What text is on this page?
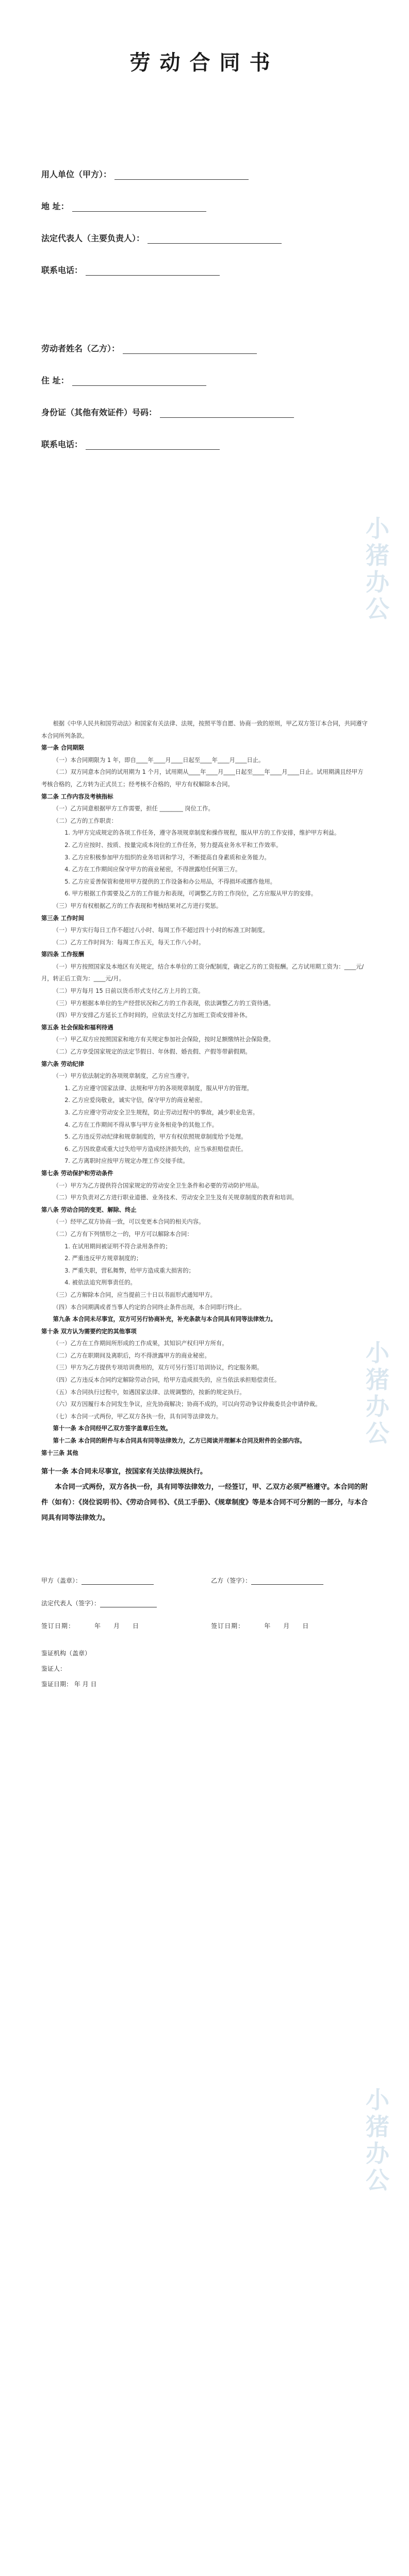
小猪办公
小猪办公
小猪办公
劳动合同书
用人单位（甲方）：
地 址：
法定代表人（主要负责人）：
联系电话：
劳动者姓名（乙方）：
住 址：
身份证（其他有效证件）号码：
联系电话：

根据《中华人民共和国劳动法》和国家有关法律、法规，按照平等自愿、协商一致的原则，甲乙双方签订本合同，共同遵守本合同所列条款。

第一条 合同期限

（一）本合同期限为 1 年，即自____年____月____日起至____年____月____日止。

（二）双方同意本合同的试用期为 1 个月，试用期从____年____月____日起至____年____月____日止。试用期满且经甲方考核合格的，乙方转为正式员工；经考核不合格的，甲方有权解除本合同。

第二条 工作内容及考核指标

（一）乙方同意根据甲方工作需要，担任 ________ 岗位工作。

（二）乙方的工作职责：

1. 为甲方完成规定的各项工作任务，遵守各项规章制度和操作规程，服从甲方的工作安排，维护甲方利益。

2. 乙方应按时、按质、按量完成本岗位的工作任务，努力提高业务水平和工作效率。

3. 乙方应积极参加甲方组织的业务培训和学习，不断提高自身素质和业务能力。

4. 乙方在工作期间应保守甲方的商业秘密，不得泄露给任何第三方。

5. 乙方应妥善保管和使用甲方提供的工作设备和办公用品，不得损坏或挪作他用。

6. 甲方根据工作需要及乙方的工作能力和表现，可调整乙方的工作岗位，乙方应服从甲方的安排。

（三）甲方有权根据乙方的工作表现和考核结果对乙方进行奖惩。

第三条 工作时间

（一）甲方实行每日工作不超过八小时、每周工作不超过四十小时的标准工时制度。

（二）乙方工作时间为：每周工作五天，每天工作八小时。

第四条 工作报酬

（一）甲方按照国家及本地区有关规定，结合本单位的工资分配制度，确定乙方的工资报酬。乙方试用期工资为：____元/月，转正后工资为：____元/月。

（二）甲方每月 15 日前以货币形式支付乙方上月的工资。

（三）甲方根据本单位的生产经营状况和乙方的工作表现，依法调整乙方的工资待遇。

（四）甲方安排乙方延长工作时间的，应依法支付乙方加班工资或安排补休。

第五条 社会保险和福利待遇

（一）甲乙双方应按照国家和地方有关规定参加社会保险，按时足额缴纳社会保险费。

（二）乙方享受国家规定的法定节假日、年休假、婚丧假、产假等带薪假期。

第六条 劳动纪律

（一）甲方依法制定的各项规章制度，乙方应当遵守。

1. 乙方应遵守国家法律、法规和甲方的各项规章制度，服从甲方的管理。

2. 乙方应爱岗敬业，诚实守信，保守甲方的商业秘密。

3. 乙方应遵守劳动安全卫生规程，防止劳动过程中的事故，减少职业危害。

4. 乙方在工作期间不得从事与甲方业务相竞争的其他工作。

5. 乙方违反劳动纪律和规章制度的，甲方有权依照规章制度给予处理。

6. 乙方因故意或重大过失给甲方造成经济损失的，应当承担赔偿责任。

7. 乙方离职时应按甲方规定办理工作交接手续。

第七条 劳动保护和劳动条件

（一）甲方为乙方提供符合国家规定的劳动安全卫生条件和必要的劳动防护用品。

（二）甲方负责对乙方进行职业道德、业务技术、劳动安全卫生及有关规章制度的教育和培训。

第八条 劳动合同的变更、解除、终止

（一）经甲乙双方协商一致，可以变更本合同的相关内容。

（二）乙方有下列情形之一的，甲方可以解除本合同：

1. 在试用期间被证明不符合录用条件的；

2. 严重违反甲方规章制度的；

3. 严重失职，营私舞弊，给甲方造成重大损害的；

4. 被依法追究刑事责任的。

（三）乙方解除本合同，应当提前三十日以书面形式通知甲方。

（四）本合同期满或者当事人约定的合同终止条件出现，本合同即行终止。

第九条 本合同未尽事宜，双方可另行协商补充，补充条款与本合同具有同等法律效力。

第十条 双方认为需要约定的其他事项

（一）乙方在工作期间所形成的工作成果，其知识产权归甲方所有。

（二）乙方在职期间及离职后，均不得泄露甲方的商业秘密。

（三）甲方为乙方提供专项培训费用的，双方可另行签订培训协议，约定服务期。

（四）乙方违反本合同约定解除劳动合同，给甲方造成损失的，应当依法承担赔偿责任。

（五）本合同执行过程中，如遇国家法律、法规调整的，按新的规定执行。

（六）双方因履行本合同发生争议，应先协商解决；协商不成的，可以向劳动争议仲裁委员会申请仲裁。

（七）本合同一式两份，甲乙双方各执一份，具有同等法律效力。

第十一条 本合同经甲乙双方签字盖章后生效。

第十二条 本合同的附件与本合同具有同等法律效力，乙方已阅读并理解本合同及附件的全部内容。

第十三条 其他

第十一条 本合同未尽事宜，按国家有关法律法规执行。

本合同一式两份，双方各执一份，具有同等法律效力，一经签订，甲、乙双方必须严格遵守。本合同的附件（如有）：《岗位说明书》、《劳动合同书》、《员工手册》、《规章制度》等是本合同不可分割的一部分，与本合同具有同等法律效力。

甲方（盖章）：	乙方（签字）：
法定代表人（签字）：
签订日期：	年 月 日	签订日期：	年 月 日
鉴证机构（盖章）
鉴证人：
鉴证日期： 年 月 日
